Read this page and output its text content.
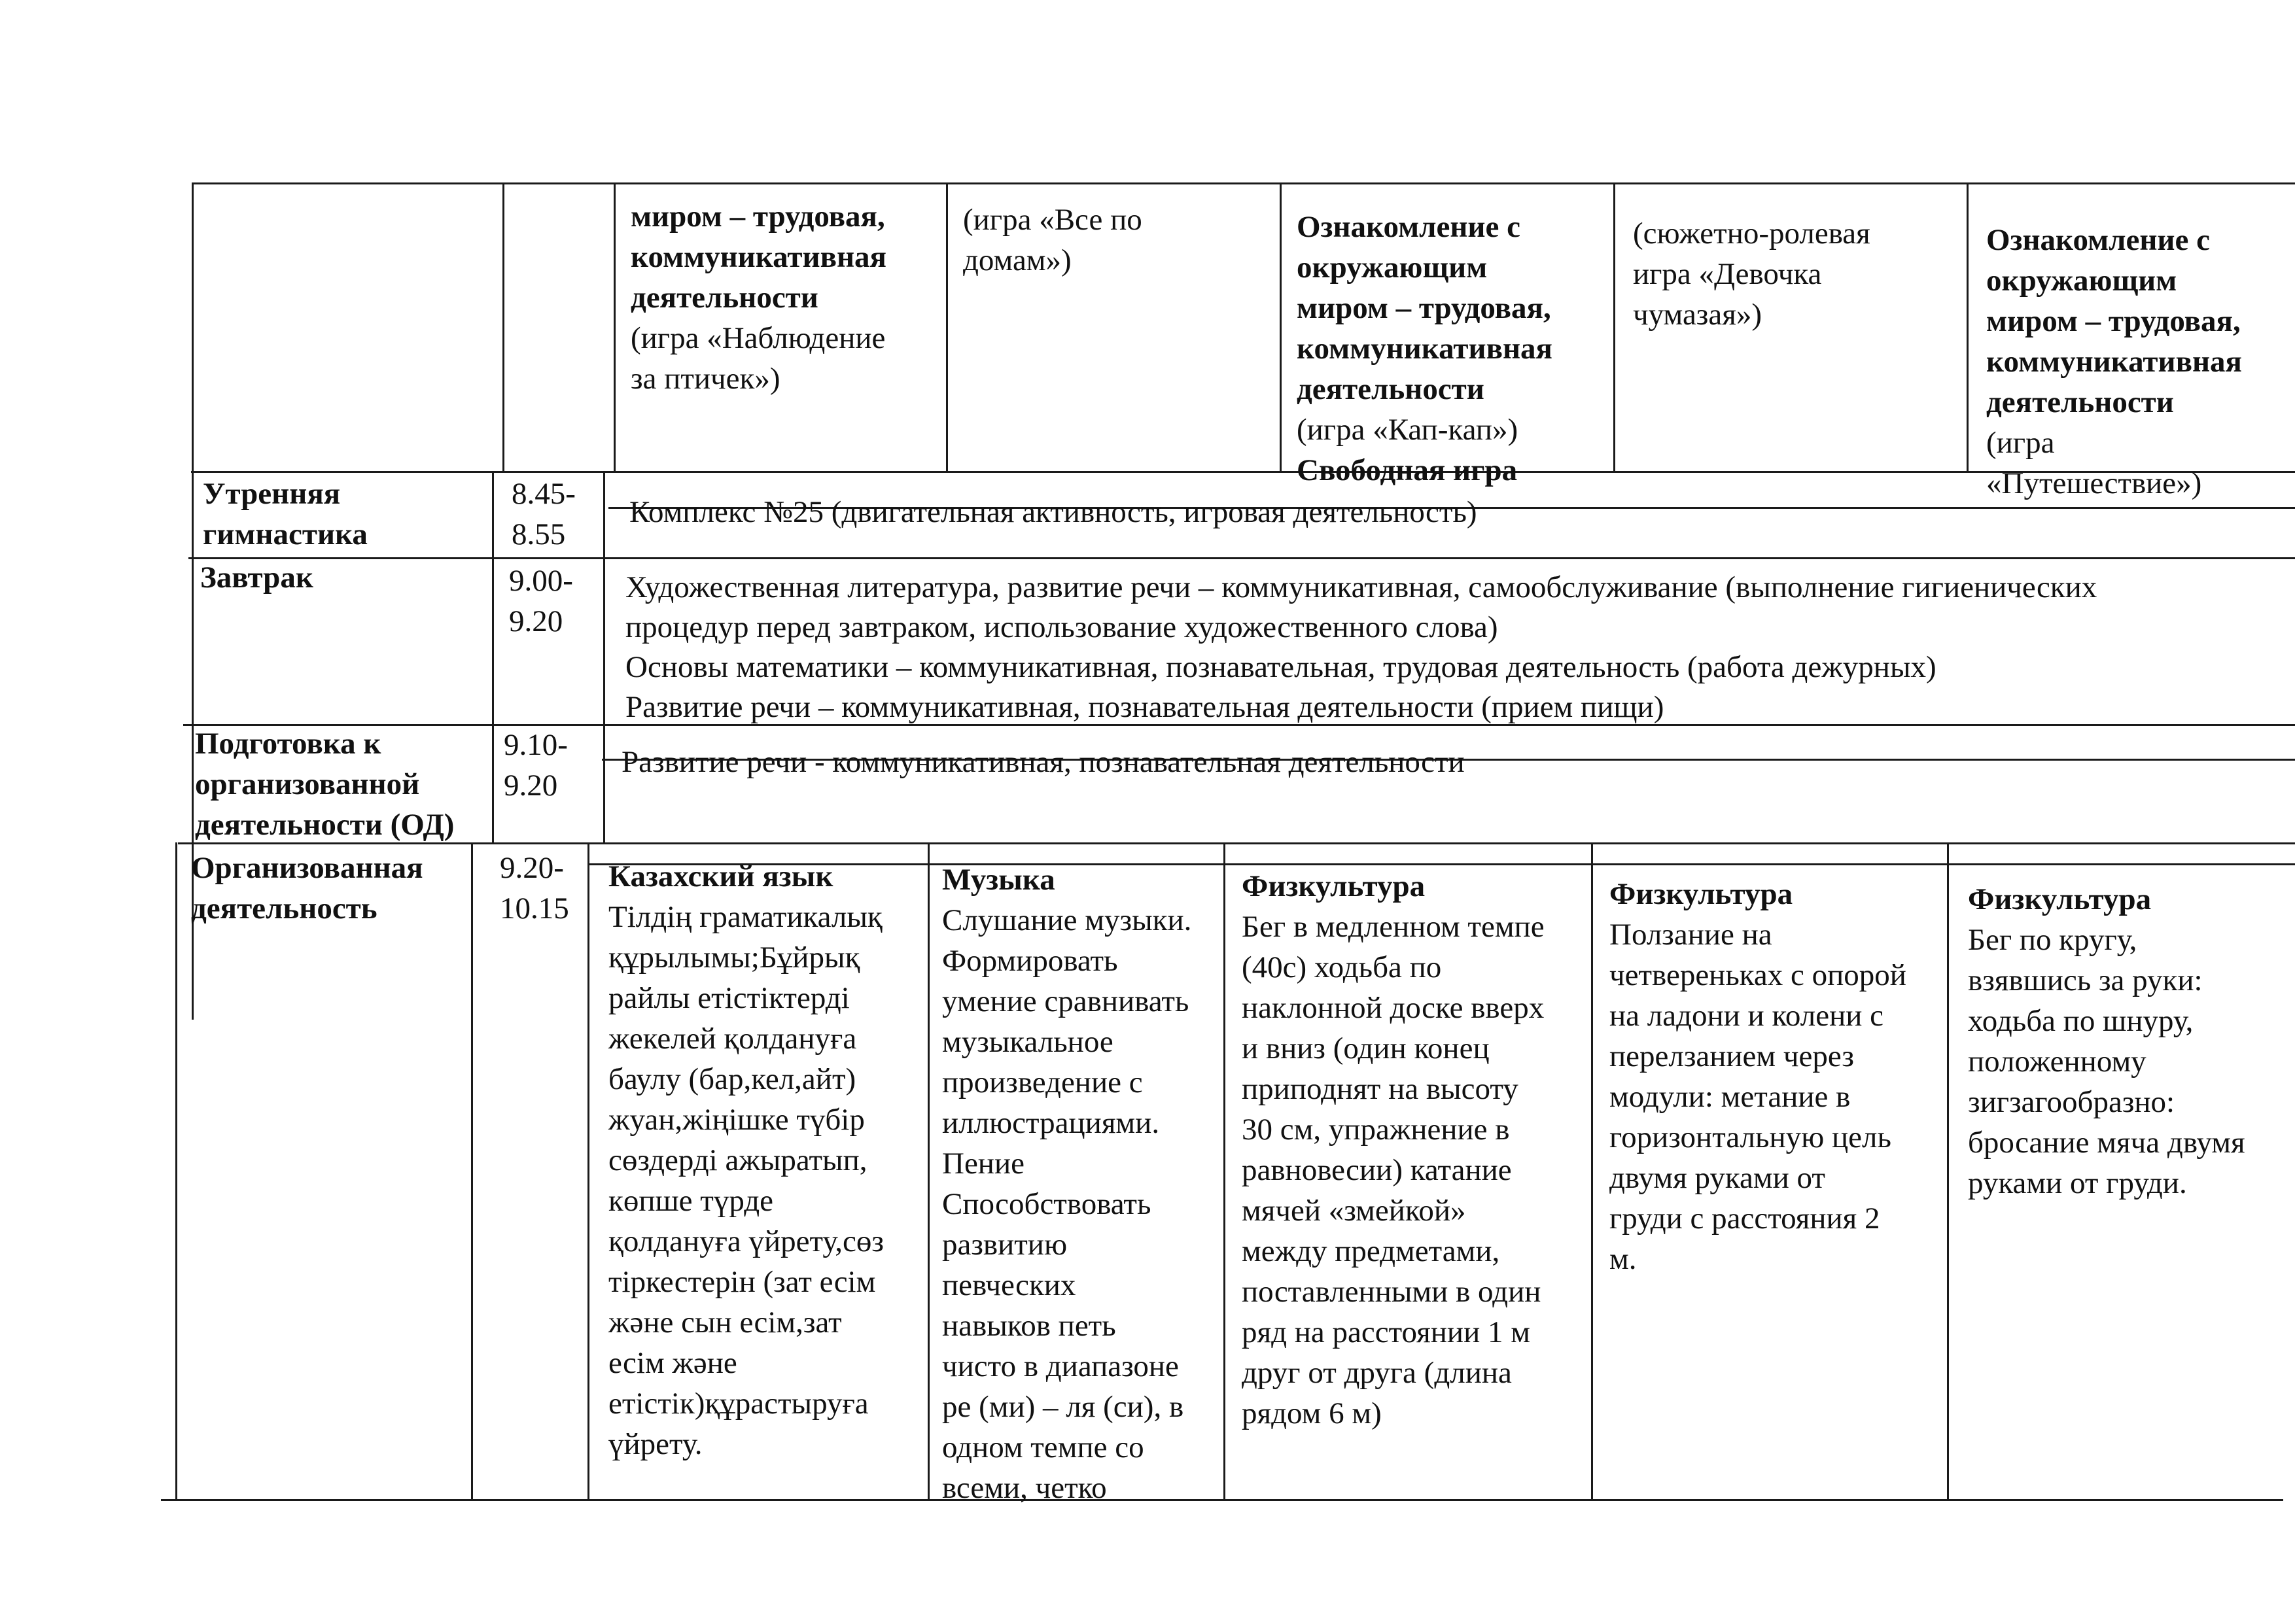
миром – трудовая,

коммуникативная

деятельности

(игра «Наблюдение

за птичек»)

(игра «Все по

домам»)

Ознакомление с

окружающим

миром – трудовая,

коммуникативная

деятельности

(игра «Кап-кап»)

Свободная игра

(сюжетно-ролевая

игра «Девочка

чумазая»)

Ознакомление с

окружающим

миром – трудовая,

коммуникативная

деятельности

(игра

«Путешествие»)

Утренняя

гимнастика

8.45-

8.55

Комплекс №25 (двигательная активность, игровая деятельность)

Завтрак	9.00-

9.20

Художественная литература, развитие речи – коммуникативная, самообслуживание (выполнение гигиенических

процедур перед завтраком, использование художественного слова)

Основы математики – коммуникативная, познавательная, трудовая деятельность (работа дежурных)

Развитие речи – коммуникативная, познавательная деятельности (прием пищи)

Подготовка к

организованной

деятельности (ОД)

9.10-

9.20

Развитие речи - коммуникативная, познавательная деятельности

Организованная

деятельность

9.20-

10.15

Казахский язык

Тілдің граматикалық

құрылымы;Бұйрық

райлы етістіктерді

жекелей қолдануға

баулу (бар,кел,айт)

жуан,жіңішке түбір

сөздерді ажыратып,

көпше түрде

қолдануға үйрету,сөз

тіркестерін (зат есім

және сын есім,зат

есім және

етістік)құрастыруға

үйрету.

Музыка

Слушание музыки.

Формировать

умение сравнивать

музыкальное

произведение с

иллюстрациями.

Пение

Способствовать

развитию

певческих

навыков петь

чисто в диапазоне

ре (ми) – ля (си), в

одном темпе со

всеми, четко

Физкультура

Бег в медленном темпе

(40с) ходьба по

наклонной доске вверх

и вниз (один конец

приподнят на высоту

30 см, упражнение в

равновесии) катание

мячей «змейкой»

между предметами,

поставленными в один

ряд на расстоянии 1 м

друг от друга (длина

рядом 6 м)

Физкультура

Ползание на

четвереньках с опорой

на ладони и колени с

перелзанием через

модули: метание в

горизонтальную цель

двумя руками от

груди с расстояния 2

м.

Физкультура

Бег по кругу,

взявшись за руки:

ходьба по шнуру,

положенному

зигзагообразно:

бросание мяча двумя

руками от груди.
